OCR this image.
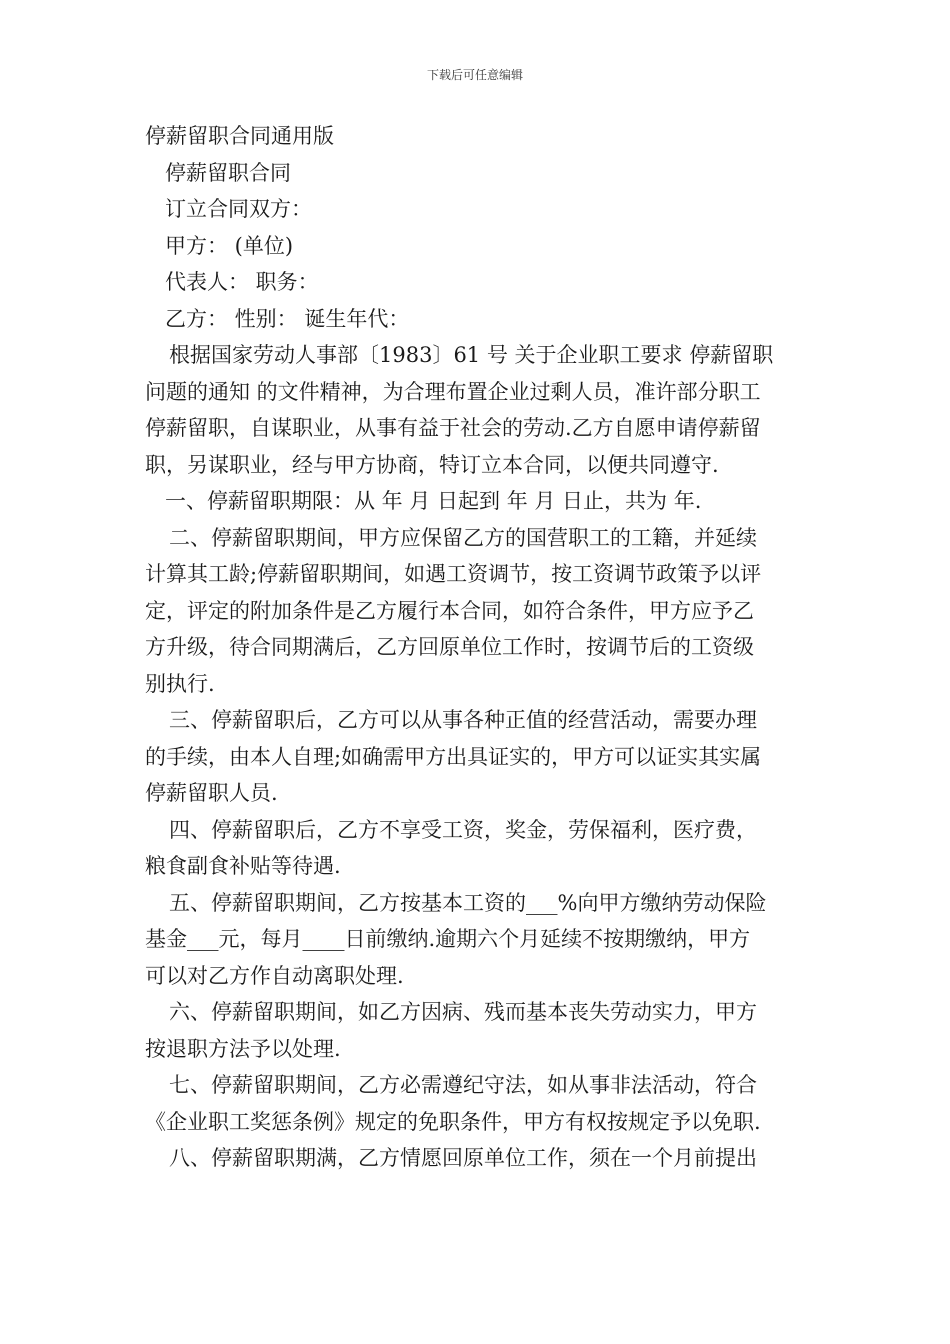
下载后可任意编辑
停薪留职合同通用版
停薪留职合同
订立合同双方：
甲方： (单位)
代表人： 职务：
乙方： 性别： 诞生年代：
根据国家劳动人事部〔1983〕61 号 关于企业职工要求 停薪留职
问题的通知 的文件精神，为合理布置企业过剩人员，准许部分职工
停薪留职，自谋职业，从事有益于社会的劳动.乙方自愿申请停薪留
职，另谋职业，经与甲方协商，特订立本合同，以便共同遵守.
一、停薪留职期限：从 年 月 日起到 年 月 日止，共为 年.
二、停薪留职期间，甲方应保留乙方的国营职工的工籍，并延续
计算其工龄;停薪留职期间，如遇工资调节，按工资调节政策予以评
定，评定的附加条件是乙方履行本合同，如符合条件，甲方应予乙
方升级，待合同期满后，乙方回原单位工作时，按调节后的工资级
别执行.
三、停薪留职后，乙方可以从事各种正值的经营活动，需要办理
的手续，由本人自理;如确需甲方出具证实的，甲方可以证实其实属
停薪留职人员.
四、停薪留职后，乙方不享受工资，奖金，劳保福利，医疗费，
粮食副食补贴等待遇.
五、停薪留职期间，乙方按基本工资的___%向甲方缴纳劳动保险
基金___元，每月____日前缴纳.逾期六个月延续不按期缴纳，甲方
可以对乙方作自动离职处理.
六、停薪留职期间，如乙方因病、残而基本丧失劳动实力，甲方
按退职方法予以处理.
七、停薪留职期间，乙方必需遵纪守法，如从事非法活动，符合
《企业职工奖惩条例》规定的免职条件，甲方有权按规定予以免职.
八、停薪留职期满，乙方情愿回原单位工作，须在一个月前提出
